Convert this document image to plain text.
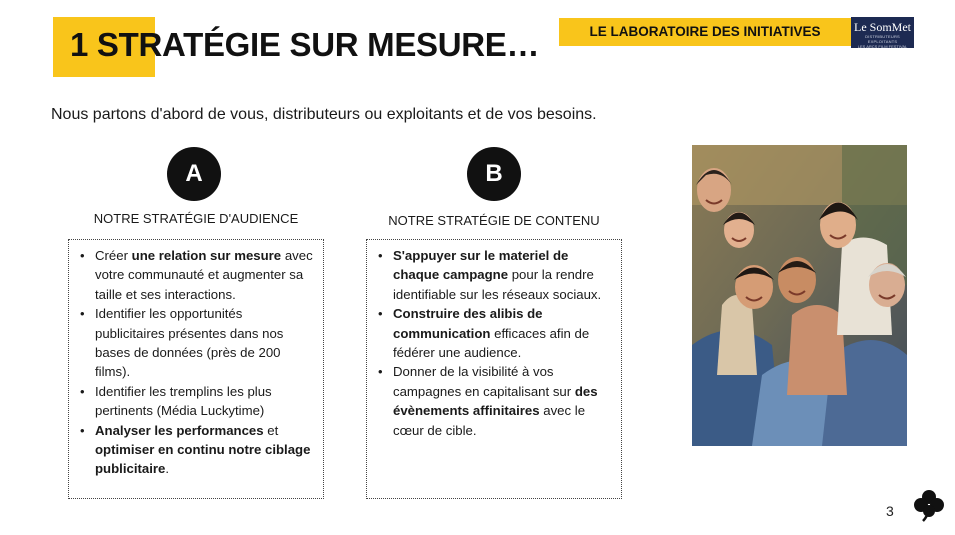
1 STRATÉGIE SUR MESURE…	LE LABORATOIRE DES INITIATIVES	Le SomMet
DISTRIBUTEURS EXPLOITANTS
LES ARCS FILM FESTIVAL
Nous partons d'abord de vous, distributeurs ou exploitants et de vos besoins.
A
NOTRE STRATÉGIE D'AUDIENCE
• Créer une relation sur mesure avec votre communauté et augmenter sa taille et ses interactions.
• Identifier les opportunités publicitaires présentes dans nos bases de données (près de 200 films).
• Identifier les tremplins les plus pertinents (Média Luckytime)
• Analyser les performances et optimiser en continu notre ciblage publicitaire.
B
NOTRE STRATÉGIE DE CONTENU
• S'appuyer sur le materiel de chaque campagne pour la rendre identifiable sur les réseaux sociaux.
• Construire des alibis de communication efficaces afin de fédérer une audience.
• Donner de la visibilité à vos campagnes en capitalisant sur des évènements affinitaires avec le cœur de cible.
3
